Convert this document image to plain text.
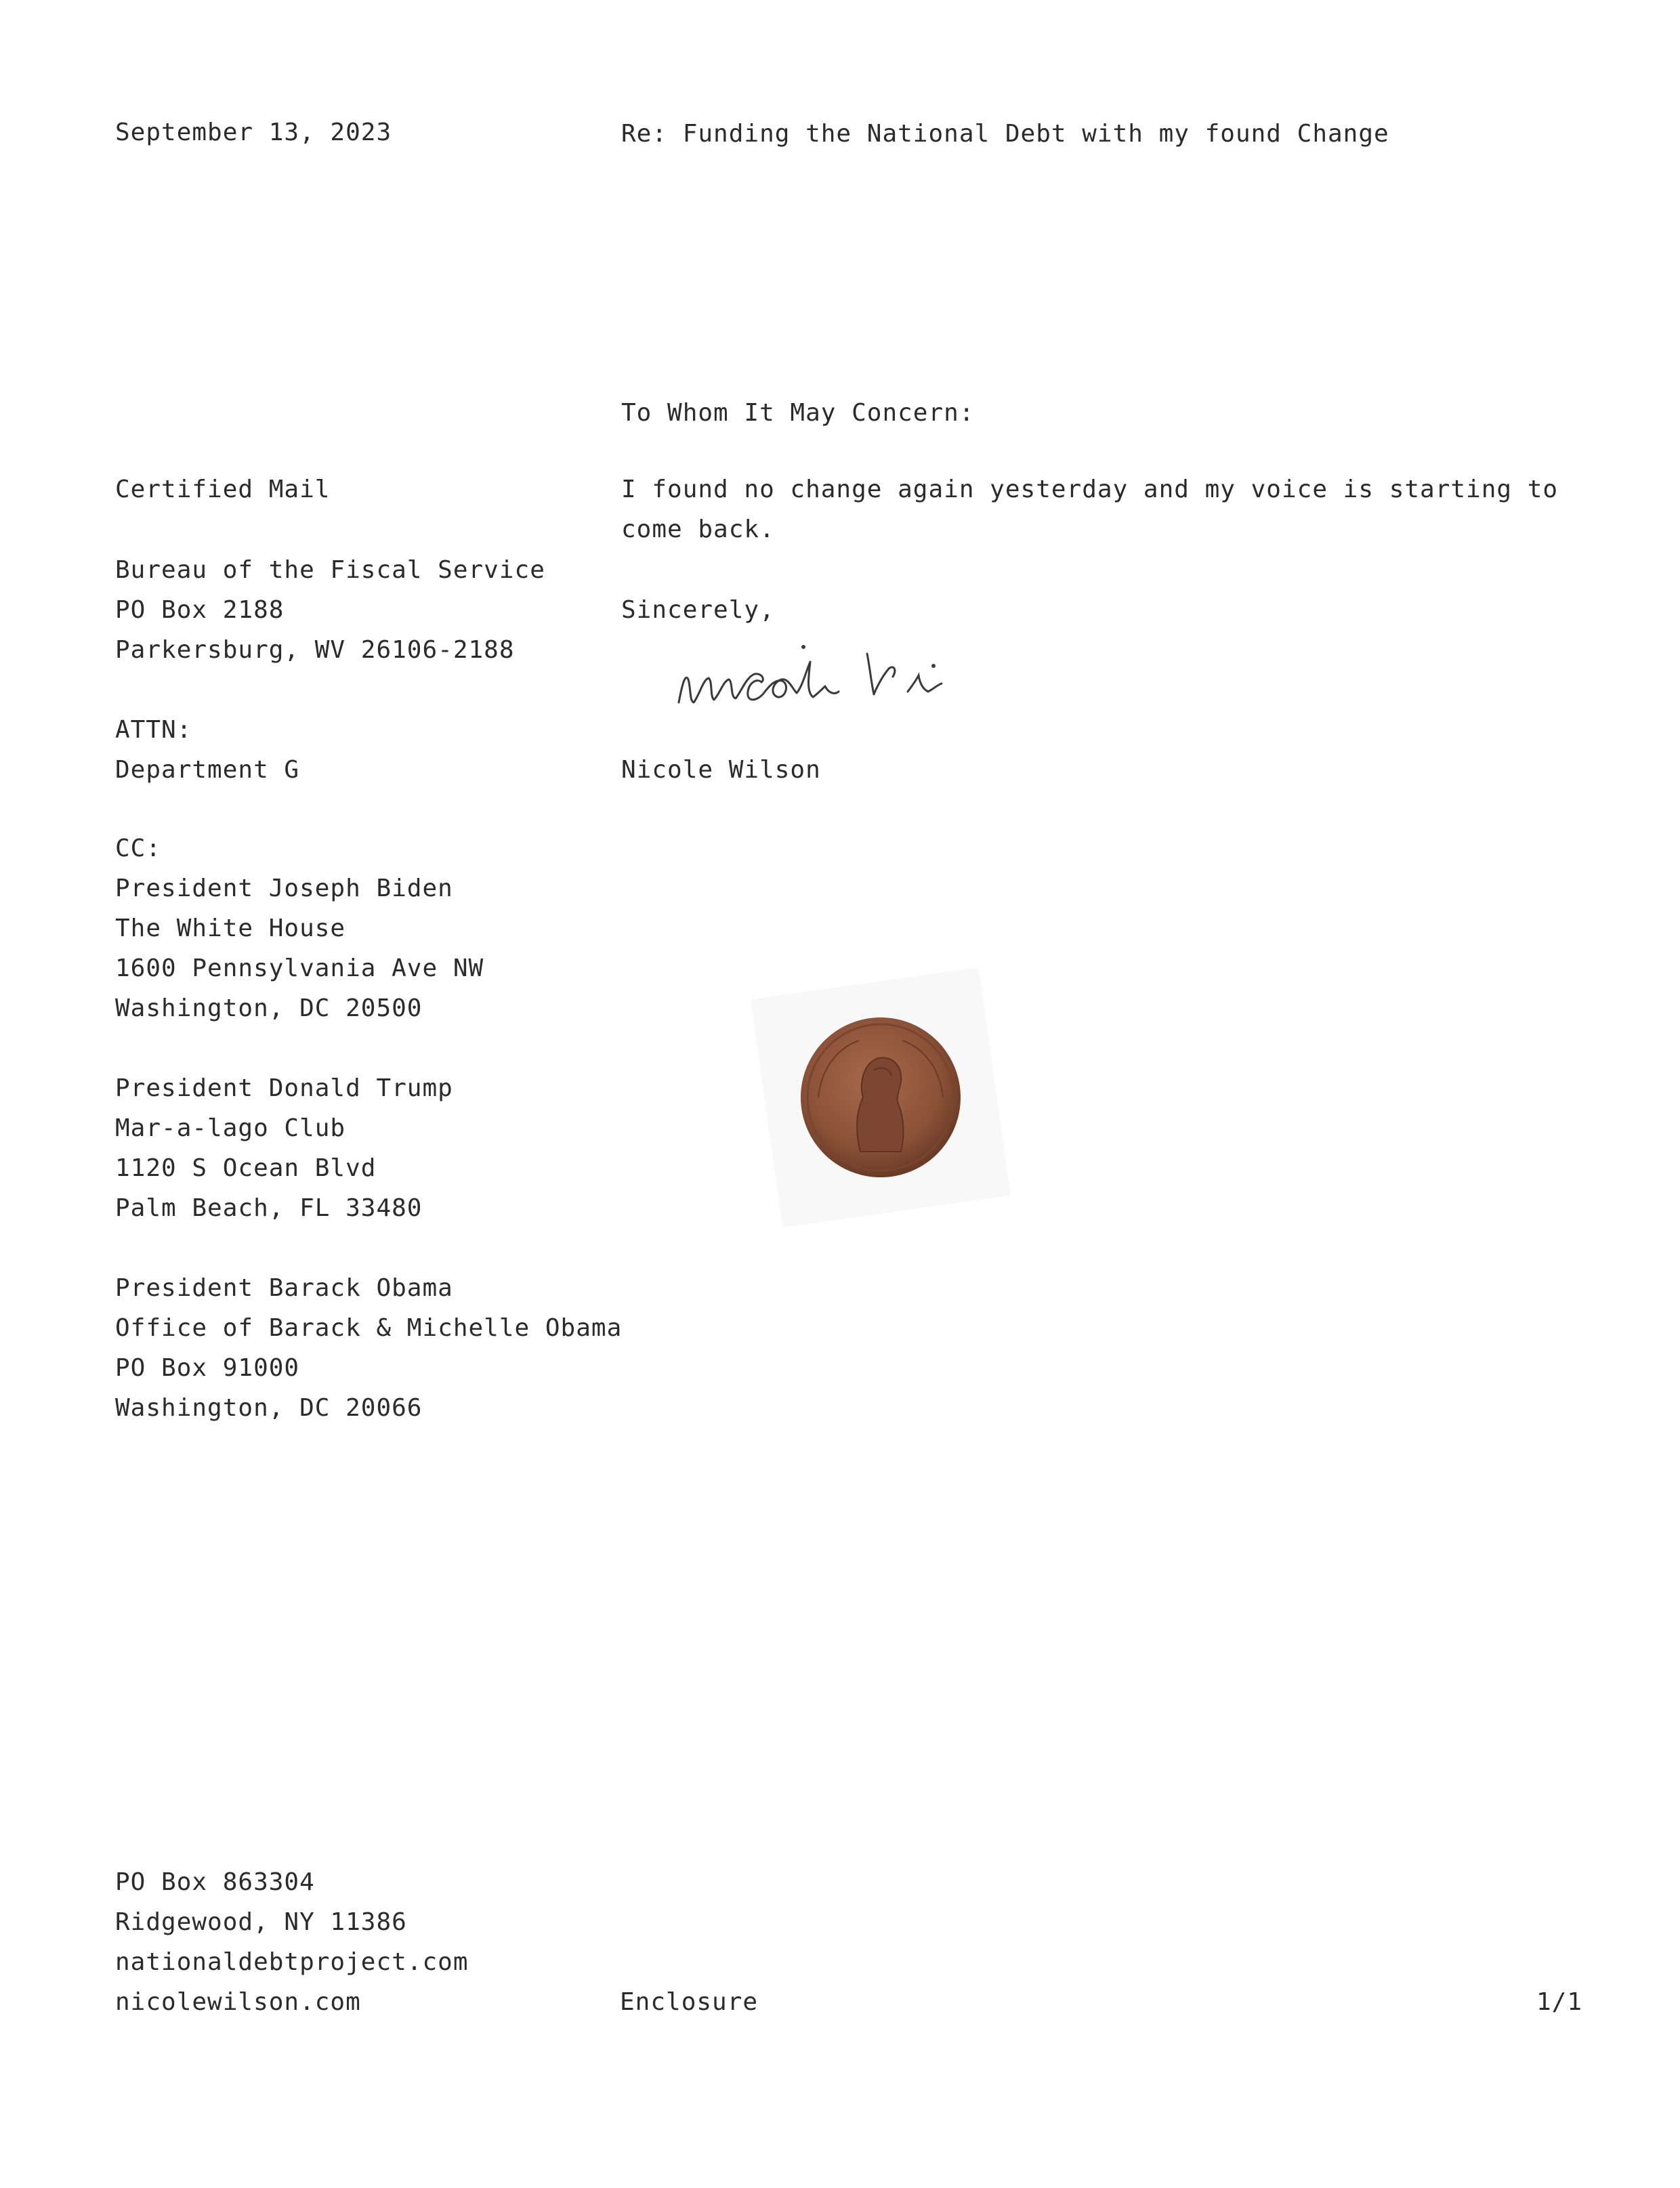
September 13, 2023	Re: Funding the National Debt with my found Change
To Whom It May Concern:
Certified Mail	I found no change again yesterday and my voice is starting to come back.
Bureau of the Fiscal Service
PO Box 2188
Parkersburg, WV 26106-2188
Sincerely,
nicole w
ATTN:
Department G	Nicole Wilson
CC:
President Joseph Biden
The White House
1600 Pennsylvania Ave NW
Washington, DC 20500
President Donald Trump
Mar-a-lago Club
1120 S Ocean Blvd
Palm Beach, FL 33480
President Barack Obama
Office of Barack & Michelle Obama
PO Box 91000
Washington, DC 20066
PO Box 863304
Ridgewood, NY 11386
nationaldebtproject.com
nicolewilson.com	Enclosure	1/1
